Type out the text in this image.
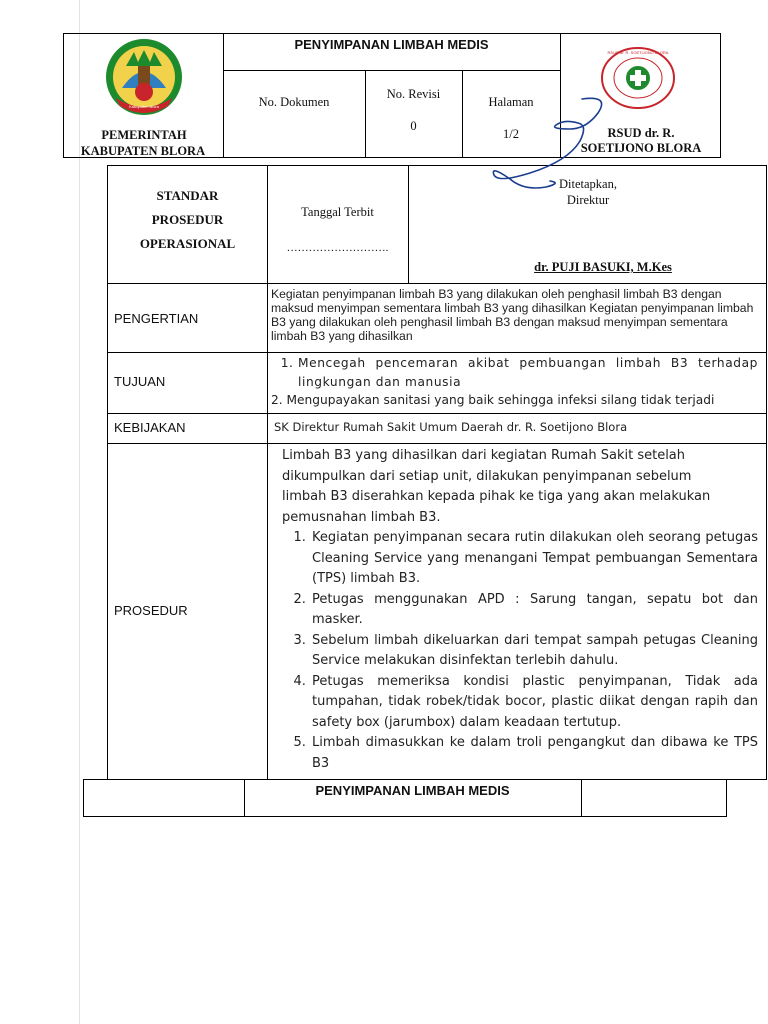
Kabupaten Blora
PEMERINTAH
KABUPATEN BLORA
PENYIMPANAN LIMBAH MEDIS
No. Dokumen
No. Revisi
0
Halaman
1/2
RSUD dr. R. SOETIJONO BLORA
RSUD dr. R.
SOETIJONO BLORA
STANDAR
PROSEDUR
OPERASIONAL
Tanggal Terbit
……………………….
Ditetapkan,
Direktur
dr. PUJI BASUKI, M.Kes
PENGERTIAN
Kegiatan penyimpanan limbah B3 yang dilakukan oleh penghasil limbah B3 dengan maksud menyimpan sementara limbah B3 yang dihasilkan Kegiatan penyimpanan limbah B3 yang dilakukan oleh penghasil limbah B3 dengan maksud menyimpan sementara limbah B3 yang dihasilkan
TUJUAN
1. Mencegah pencemaran akibat pembuangan limbah B3 terhadap lingkungan dan manusia
2. Mengupayakan sanitasi yang baik sehingga infeksi silang tidak terjadi
KEBIJAKAN	SK Direktur Rumah Sakit Umum Daerah dr. R. Soetijono Blora
PROSEDUR
Limbah B3 yang dihasilkan dari kegiatan Rumah Sakit setelah dikumpulkan dari setiap unit, dilakukan penyimpanan sebelum limbah B3 diserahkan kepada pihak ke tiga yang akan melakukan pemusnahan limbah B3.
1. Kegiatan penyimpanan secara rutin dilakukan oleh seorang petugas Cleaning Service yang menangani Tempat pembuangan Sementara (TPS) limbah B3.
2. Petugas menggunakan APD : Sarung tangan, sepatu bot dan masker.
3. Sebelum limbah dikeluarkan dari tempat sampah petugas Cleaning Service melakukan disinfektan terlebih dahulu.
4. Petugas memeriksa kondisi plastic penyimpanan, Tidak ada tumpahan, tidak robek/tidak bocor, plastic diikat dengan rapih dan safety box (jarumbox) dalam keadaan tertutup.
5. Limbah dimasukkan ke dalam troli pengangkut dan dibawa ke TPS B3
PENYIMPANAN LIMBAH MEDIS
